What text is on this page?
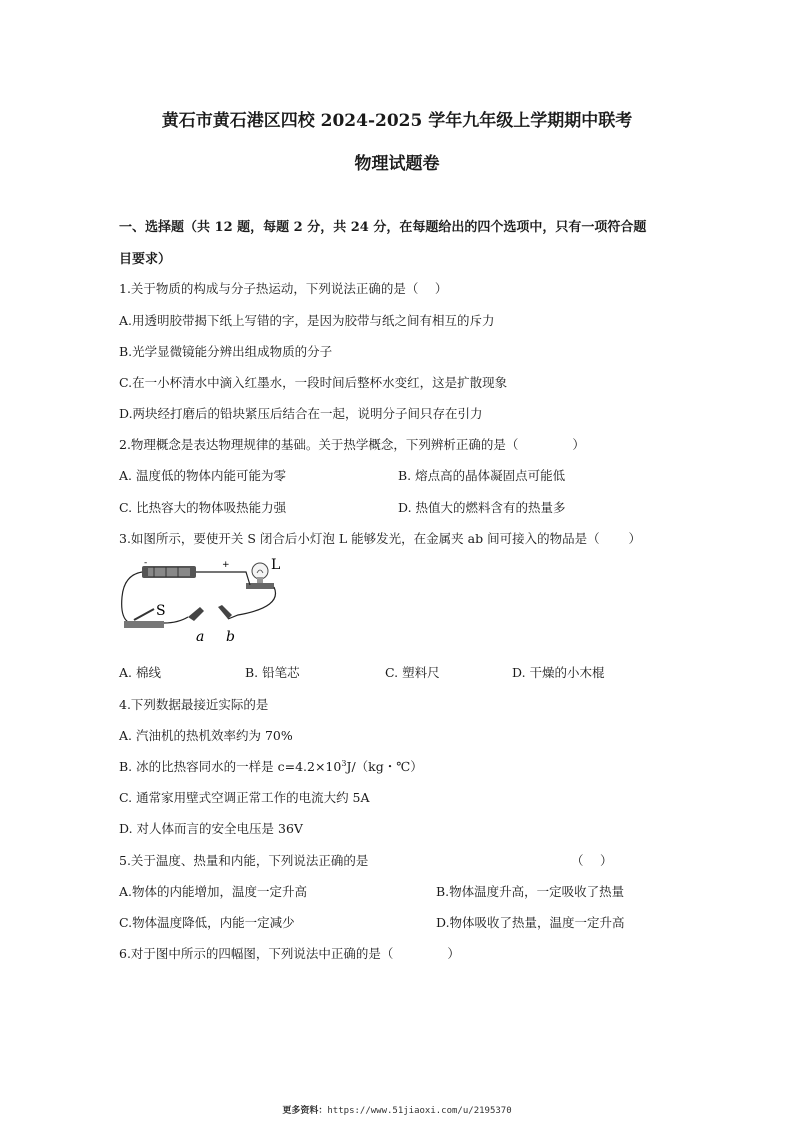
黄石市黄石港区四校 2024-2025 学年九年级上学期期中联考
物理试题卷
一、选择题（共 12 题，每题 2 分，共 24 分，在每题给出的四个选项中，只有一项符合题
目要求）
1.关于物质的构成与分子热运动，下列说法正确的是（　 ）
A.用透明胶带揭下纸上写错的字，是因为胶带与纸之间有相互的斥力
B.光学显微镜能分辨出组成物质的分子
C.在一小杯清水中滴入红墨水，一段时间后整杯水变红，这是扩散现象
D.两块经打磨后的铅块紧压后结合在一起，说明分子间只存在引力
2.物理概念是表达物理规律的基础。关于热学概念，下列辨析正确的是（　　　　 ）
A. 温度低的物体内能可能为零	B. 熔点高的晶体凝固点可能低
C. 比热容大的物体吸热能力强	D. 热值大的燃料含有的热量多
3.如图所示，要使开关 S 闭合后小灯泡 L 能够发光，在金属夹 ab 间可接入的物品是（　　 ）
-	+	L
S
a b
A. 棉线	B. 铅笔芯	C. 塑料尺	D. 干燥的小木棍
4.下列数据最接近实际的是
A. 汽油机的热机效率约为 70%
B. 冰的比热容同水的一样是 $c=4.2\times 10^3J/(kg$・℃）
C. 通常家用壁式空调正常工作的电流大约 5A
D. 对人体而言的安全电压是 36V
5.关于温度、热量和内能，下列说法正确的是	（　 ）
A.物体的内能增加，温度一定升高	B.物体温度升高，一定吸收了热量
C.物体温度降低，内能一定减少	D.物体吸收了热量，温度一定升高
6.对于图中所示的四幅图，下列说法中正确的是（　　　　 ）
更多资料：https://www.51jiaoxi.com/u/2195370
